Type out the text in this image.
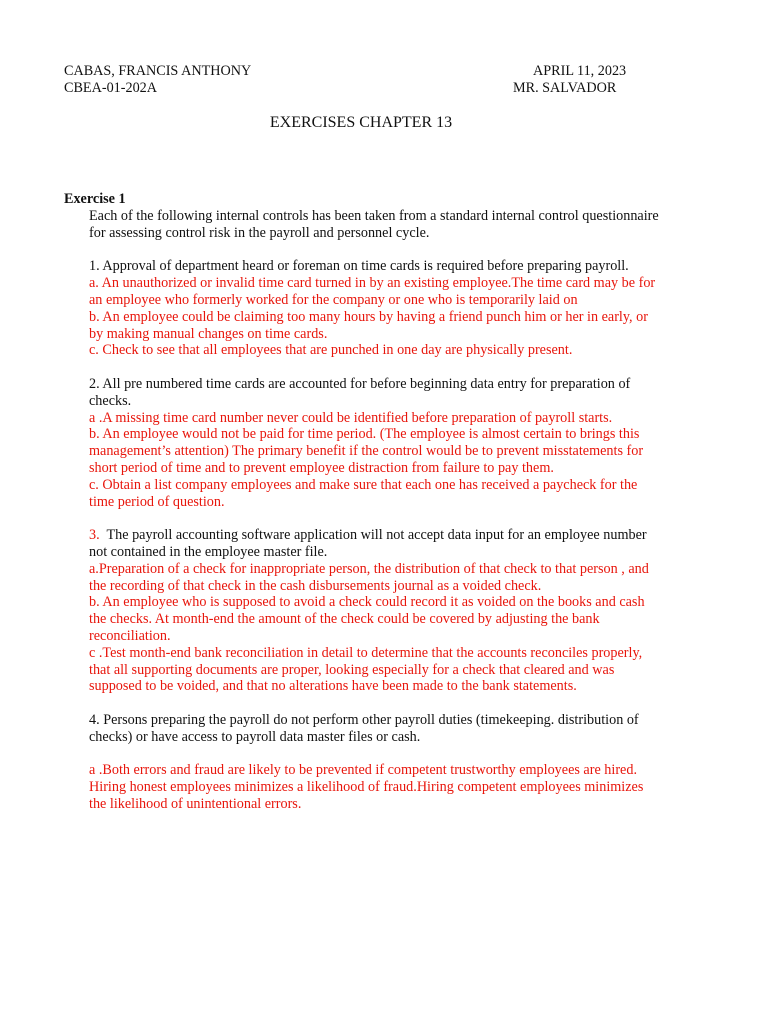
CABAS, FRANCIS ANTHONY
CBEA-01-202A
APRIL 11, 2023
MR. SALVADOR
EXERCISES CHAPTER 13
Exercise 1

Each of the following internal controls has been taken from a standard internal control questionnaire for assessing control risk in the payroll and personnel cycle.

1. Approval of department heard or foreman on time cards is required before preparing payroll.

a. An unauthorized or invalid time card turned in by an existing employee.The time card may be for an employee who formerly worked for the company or one who is temporarily laid on

b. An employee could be claiming too many hours by having a friend punch him or her in early, or by making manual changes on time cards.

c. Check to see that all employees that are punched in one day are physically present.

2. All pre numbered time cards are accounted for before beginning data entry for preparation of checks.

a .A missing time card number never could be identified before preparation of payroll starts.

b. An employee would not be paid for time period. (The employee is almost certain to brings this management’s attention) The primary benefit if the control would be to prevent misstatements for short period of time and to prevent employee distraction from failure to pay them.

c. Obtain a list company employees and make sure that each one has received a paycheck for the time period of question.

3.  The payroll accounting software application will not accept data input for an employee number not contained in the employee master file.

a.Preparation of a check for inappropriate person, the distribution of that check to that person , and the recording of that check in the cash disbursements journal as a voided check.

b. An employee who is supposed to avoid a check could record it as voided on the books and cash the checks. At month-end the amount of the check could be covered by adjusting the bank reconciliation.

c .Test month-end bank reconciliation in detail to determine that the accounts reconciles properly, that all supporting documents are proper, looking especially for a check that cleared and was supposed to be voided, and that no alterations have been made to the bank statements.

4. Persons preparing the payroll do not perform other payroll duties (timekeeping. distribution of checks) or have access to payroll data master files or cash.

a .Both errors and fraud are likely to be prevented if competent trustworthy employees are hired. Hiring honest employees minimizes a likelihood of fraud.Hiring competent employees minimizes the likelihood of unintentional errors.
